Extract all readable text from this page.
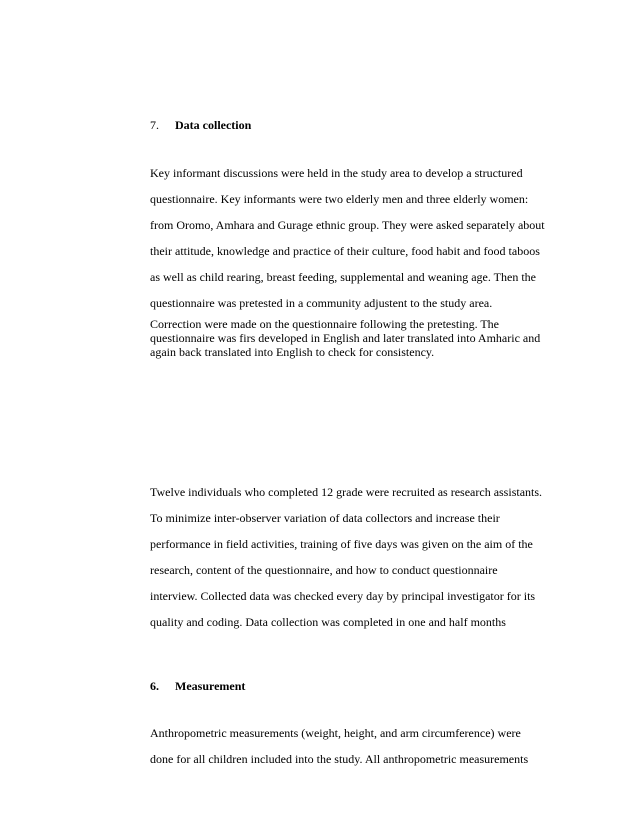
7. Data collection
Key informant discussions were held in the study area to develop a structured
questionnaire. Key informants were two elderly men and three elderly women:
from Oromo, Amhara and Gurage ethnic group. They were asked separately about
their attitude, knowledge and practice of their culture, food habit and food taboos
as well as child rearing, breast feeding, supplemental and weaning age. Then the
questionnaire was pretested in a community adjustent to the study area.
Correction were made on the questionnaire following the pretesting. The
questionnaire was firs developed in English and later translated into Amharic and
again back translated into English to check for consistency.
Twelve individuals who completed 12 grade were recruited as research assistants.
To minimize inter-observer variation of data collectors and increase their
performance in field activities, training of five days was given on the aim of the
research, content of the questionnaire, and how to conduct questionnaire
interview. Collected data was checked every day by principal investigator for its
quality and coding. Data collection was completed in one and half months
6. Measurement
Anthropometric measurements (weight, height, and arm circumference) were
done for all children included into the study. All anthropometric measurements
